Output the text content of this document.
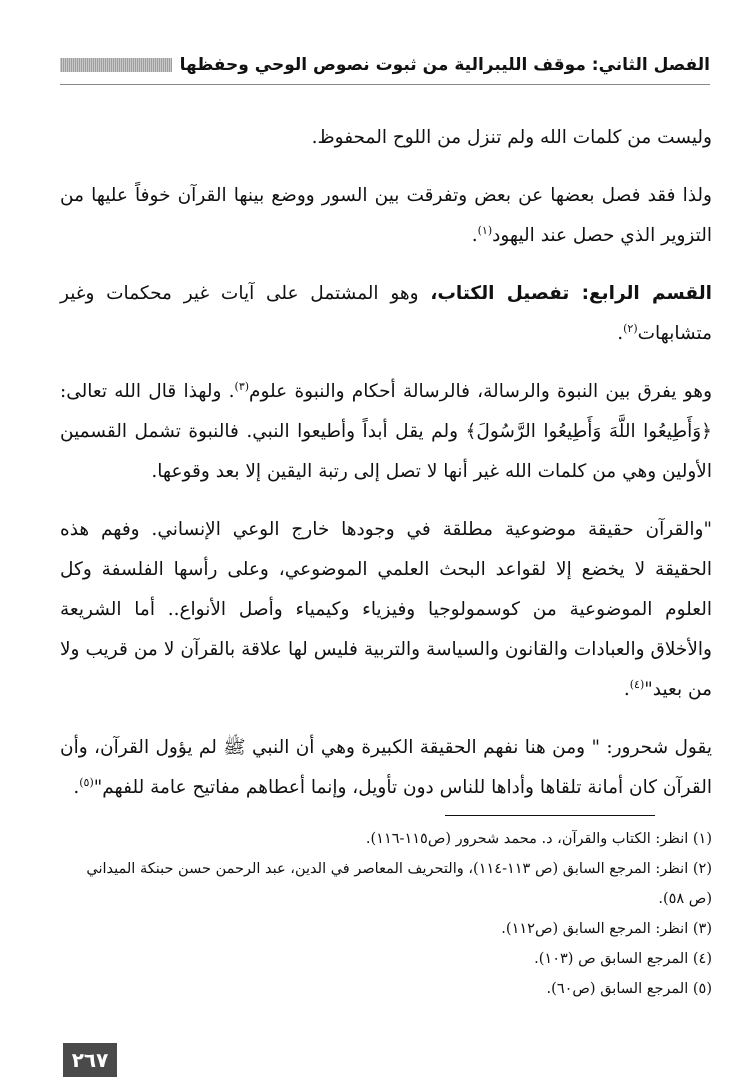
الفصل الثاني: موقف الليبرالية من ثبوت نصوص الوحي وحفظها

وليست من كلمات الله ولم تنزل من اللوح المحفوظ.

ولذا فقد فصل بعضها عن بعض وتفرقت بين السور ووضع بينها القرآن خوفاً عليها من التزوير الذي حصل عند اليهود$^{(١)}$.

القسم الرابع: تفصيل الكتاب، وهو المشتمل على آيات غير محكمات وغير متشابهات$^{(٢)}$.

وهو يفرق بين النبوة والرسالة، فالرسالة أحكام والنبوة علوم$^{(٣)}$. ولهذا قال الله تعالى: ﴿وَأَطِيعُوا اللَّهَ وَأَطِيعُوا الرَّسُولَ﴾ ولم يقل أبداً وأطيعوا النبي. فالنبوة تشمل القسمين الأولين وهي من كلمات الله غير أنها لا تصل إلى رتبة اليقين إلا بعد وقوعها.

"والقرآن حقيقة موضوعية مطلقة في وجودها خارج الوعي الإنساني. وفهم هذه الحقيقة لا يخضع إلا لقواعد البحث العلمي الموضوعي، وعلى رأسها الفلسفة وكل العلوم الموضوعية من كوسمولوجيا وفيزياء وكيمياء وأصل الأنواع.. أما الشريعة والأخلاق والعبادات والقانون والسياسة والتربية فليس لها علاقة بالقرآن لا من قريب ولا من بعيد"$^{(٤)}$.

يقول شحرور: " ومن هنا نفهم الحقيقة الكبيرة وهي أن النبي ﷺ لم يؤول القرآن، وأن القرآن كان أمانة تلقاها وأداها للناس دون تأويل، وإنما أعطاهم مفاتيح عامة للفهم"$^{(٥)}$.

(١) انظر: الكتاب والقرآن، د. محمد شحرور (ص١١٥-١١٦).

(٢) انظر: المرجع السابق (ص ١١٣-١١٤)، والتحريف المعاصر في الدين، عبد الرحمن حسن حبنكة الميداني (ص ٥٨).

(٣) انظر: المرجع السابق (ص١١٢).

(٤) المرجع السابق ص (١٠٣).

(٥) المرجع السابق (ص٦٠).

٢٦٧
